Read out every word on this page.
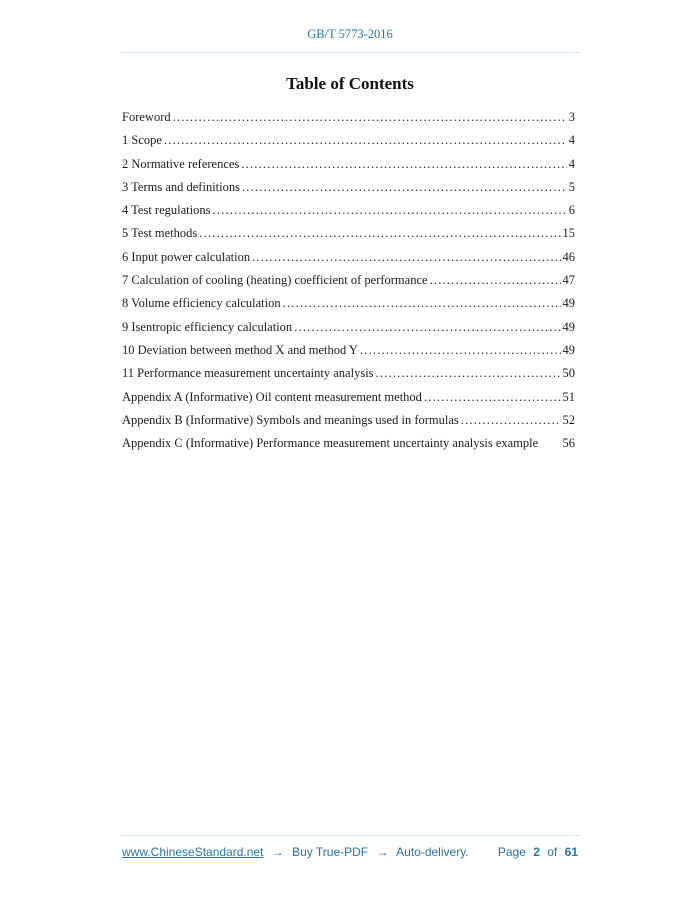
GB/T 5773-2016
Table of Contents
Foreword .....	3
1 Scope .....	4
2 Normative references .....	4
3 Terms and definitions .....	5
4 Test regulations .....	6
5 Test methods .....	15
6 Input power calculation .....	46
7 Calculation of cooling (heating) coefficient of performance .....	47
8 Volume efficiency calculation .....	49
9 Isentropic efficiency calculation .....	49
10 Deviation between method X and method Y .....	49
11 Performance measurement uncertainty analysis .....	50
Appendix A (Informative) Oil content measurement method .....	51
Appendix B (Informative) Symbols and meanings used in formulas .....	52
Appendix C (Informative) Performance measurement uncertainty analysis example 56
www.ChineseStandard.net → Buy True-PDF → Auto-delivery. Page 2 of 61
